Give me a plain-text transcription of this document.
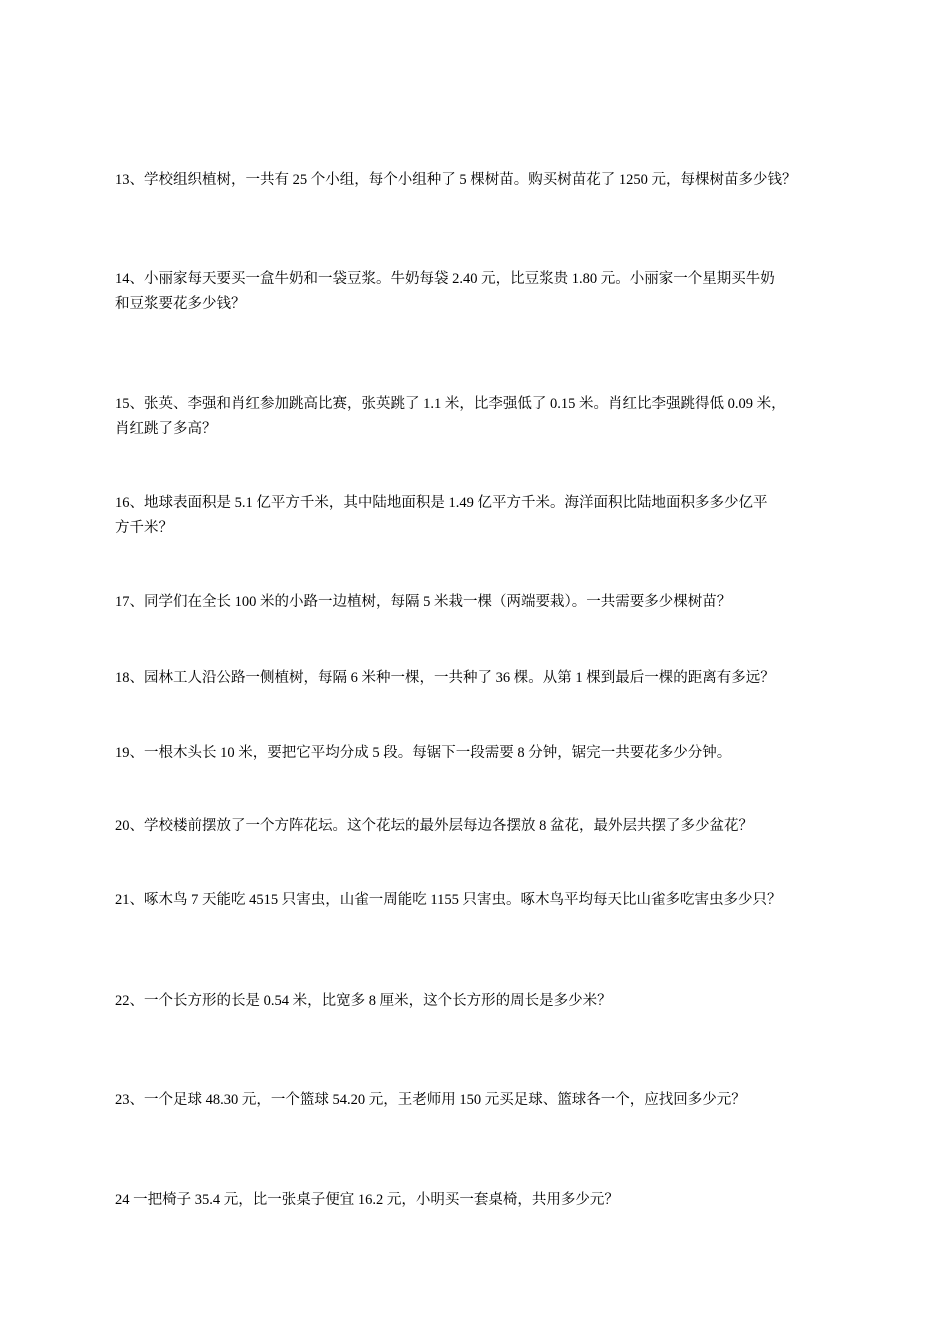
13、学校组织植树，一共有 25 个小组，每个小组种了 5 棵树苗。购买树苗花了 1250 元，每棵树苗多少钱？
14、小丽家每天要买一盒牛奶和一袋豆浆。牛奶每袋 2.40 元，比豆浆贵 1.80 元。小丽家一个星期买牛奶
和豆浆要花多少钱？
15、张英、李强和肖红参加跳高比赛，张英跳了 1.1 米，比李强低了 0.15 米。肖红比李强跳得低 0.09 米，
肖红跳了多高？
16、地球表面积是 5.1 亿平方千米，其中陆地面积是 1.49 亿平方千米。海洋面积比陆地面积多多少亿平
方千米？
17、同学们在全长 100 米的小路一边植树，每隔 5 米栽一棵（两端要栽）。一共需要多少棵树苗？
18、园林工人沿公路一侧植树，每隔 6 米种一棵，一共种了 36 棵。从第 1 棵到最后一棵的距离有多远？
19、一根木头长 10 米，要把它平均分成 5 段。每锯下一段需要 8 分钟，锯完一共要花多少分钟。
20、学校楼前摆放了一个方阵花坛。这个花坛的最外层每边各摆放 8 盆花，最外层共摆了多少盆花？
21、啄木鸟 7 天能吃 4515 只害虫，山雀一周能吃 1155 只害虫。啄木鸟平均每天比山雀多吃害虫多少只？
22、一个长方形的长是 0.54 米，比宽多 8 厘米，这个长方形的周长是多少米？
23、一个足球 48.30 元，一个篮球 54.20 元，王老师用 150 元买足球、篮球各一个，应找回多少元？
24 一把椅子 35.4 元，比一张桌子便宜 16.2 元，小明买一套桌椅，共用多少元？
